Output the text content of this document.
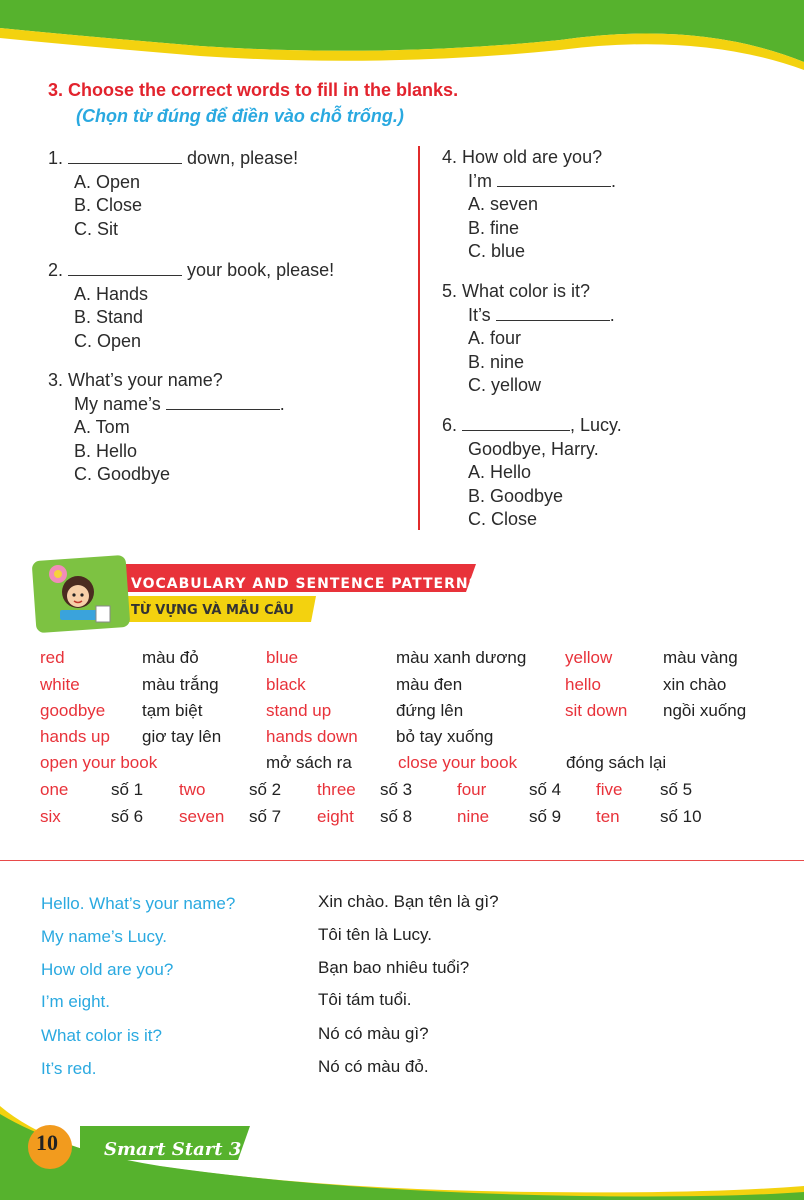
3. Choose the correct words to fill in the blanks.
(Chọn từ đúng để điền vào chỗ trống.)
1.	down, please!
A. Open
B. Close
C. Sit
2.	your book, please!
A. Hands
B. Stand
C. Open
3. What’s your name?
My name’s	.
A. Tom
B. Hello
C. Goodbye
4. How old are you?
I’m	.
A. seven
B. fine
C. blue
5. What color is it?
It’s	.
A. four
B. nine
C. yellow
6.	, Lucy.
Goodbye, Harry.
A. Hello
B. Goodbye
C. Close
VOCABULARY AND SENTENCE PATTERNS
TỪ VỰNG VÀ MẪU CÂU
red	màu đỏ	blue	màu xanh dương yellow	màu vàng
white	màu trắng	black	màu đen	hello	xin chào
goodbye tạm biệt	stand up	đứng lên	sit down ngồi xuống
hands up giơ tay lên	hands down bỏ tay xuống
open your book	mở sách ra	close your book	đóng sách lại
one	số 1 two	số 2 three số 3	four	số 4 five số 5
six	số 6 seven số 7 eight số 8	nine số 9 ten số 10
Hello. What’s your name?	Xin chào. Bạn tên là gì?
My name’s Lucy.	Tôi tên là Lucy.
How old are you?	Bạn bao nhiêu tuổi?
I’m eight.	Tôi tám tuổi.
What color is it?	Nó có màu gì?
It’s red.	Nó có màu đỏ.
10	Smart Start 3
